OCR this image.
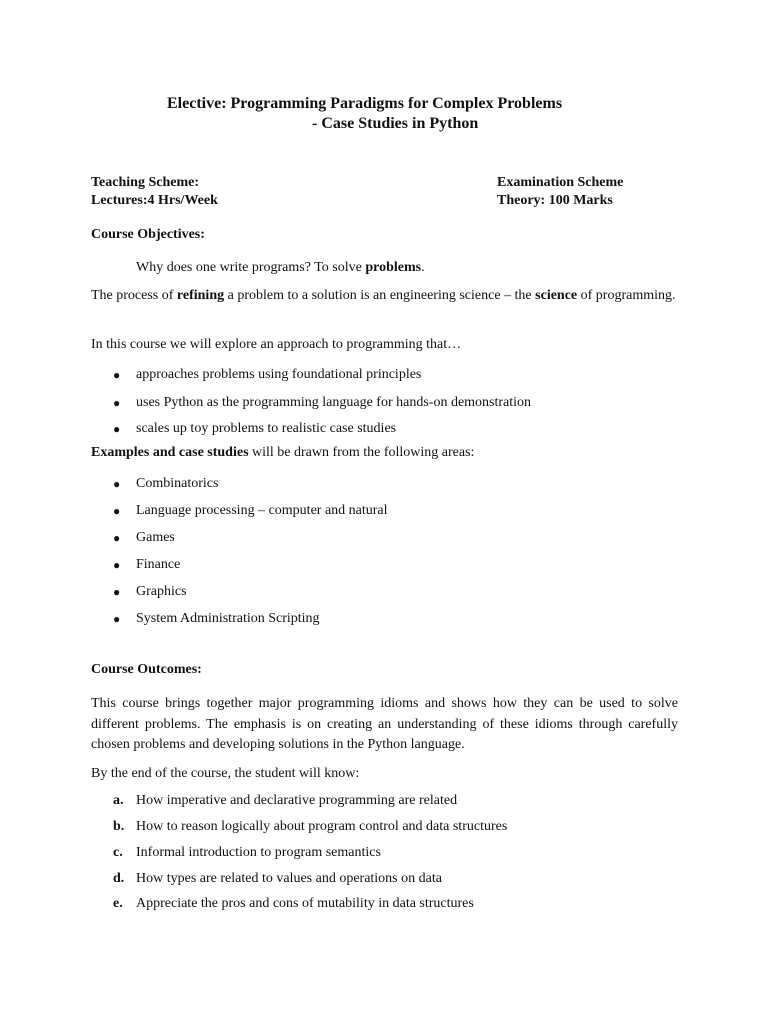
Elective: Programming Paradigms for Complex Problems
- Case Studies in Python
Teaching Scheme:
Lectures:4 Hrs/Week
Examination Scheme
Theory: 100 Marks
Course Objectives:
Why does one write programs? To solve problems.
The process of refining a problem to a solution is an engineering science – the science of programming.
In this course we will explore an approach to programming that…
● approaches problems using foundational principles
● uses Python as the programming language for hands-on demonstration
● scales up toy problems to realistic case studies
Examples and case studies will be drawn from the following areas:
● Combinatorics
● Language processing – computer and natural
● Games
● Finance
● Graphics
● System Administration Scripting
Course Outcomes:
This course brings together major programming idioms and shows how they can be used to solve different problems. The emphasis is on creating an understanding of these idioms through carefully chosen problems and developing solutions in the Python language.
By the end of the course, the student will know:
a. How imperative and declarative programming are related
b. How to reason logically about program control and data structures
c. Informal introduction to program semantics
d. How types are related to values and operations on data
e. Appreciate the pros and cons of mutability in data structures
